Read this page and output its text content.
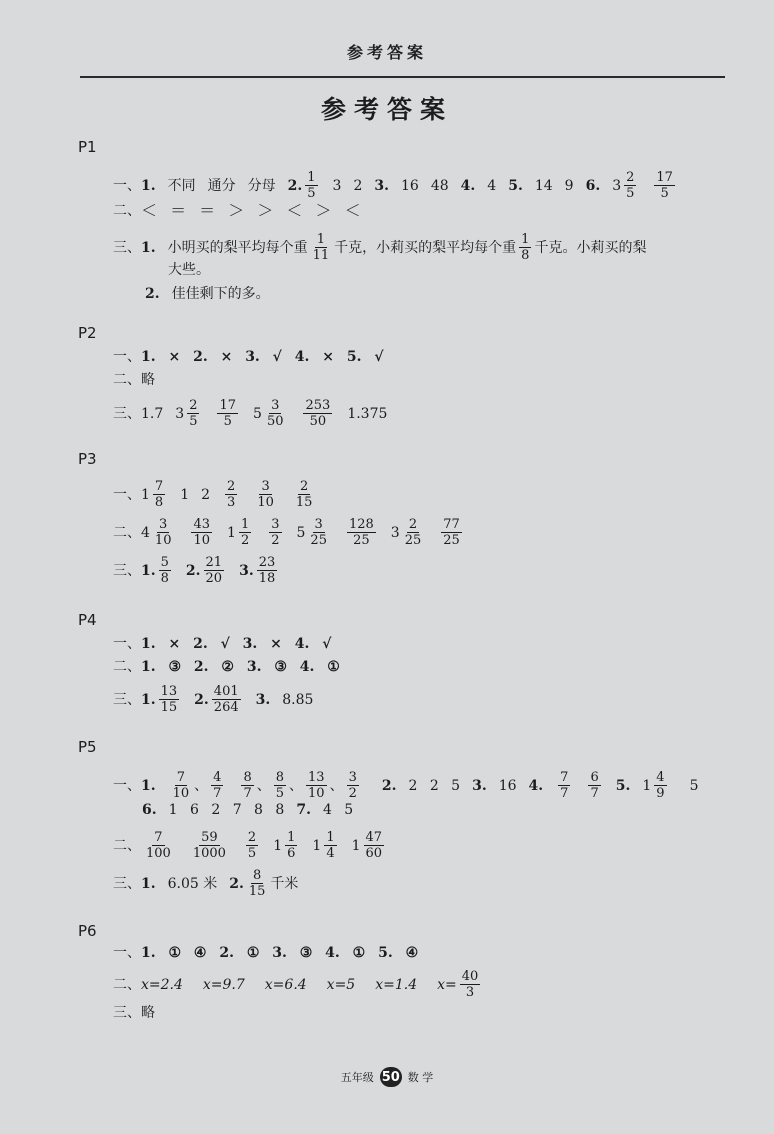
参考答案
参考答案
P1
一、 1. 不同 通分 分母 2. $\frac{1}{5} 3$ 2 3. 16 48 4. 4 5. 14 9 6. $3 \frac{2}{5} \frac{17}{5}$
二、 ＜ ＝ ＝ ＞ ＞ ＜ ＞ ＜
三、 1. 小明买的梨平均每个重 $\frac{1}{11}$ 千克，小莉买的梨平均每个重 $\frac{1}{8}$ 千克。小莉买的梨
大些。
2. 佳佳剩下的多。
P2
一、 1. × 2. × 3. √ 4. × 5. √
二、 略
三、 1.7 $3 \frac{2}{5} \frac{17}{5} 5 \frac{3}{50} \frac{253}{50} 1.375$
P3
一、 $1 \frac{7}{8} 1$ $2 \frac{2}{3} \frac{3}{10} \frac{2}{15}$
二、 $4 \frac{3}{10} \frac{43}{10} 1 \frac{1}{2} \frac{3}{2} 5 \frac{3}{25} \frac{128}{25} 3 \frac{2}{25} \frac{77}{25}$
三、 1. $\frac{5}{8} 2$. $\frac{21}{20} 3$. $\frac{23}{18}$
P4
一、 1. × 2. √ 3. × 4. √
二、 1. ③ 2. ② 3. ③ 4. ①
三、 1. $\frac{13}{15} 2$. $\frac{401}{264} 3$. 8.85
P5
一、 1. $\frac{7}{10}$ 、 $\frac{4}{7} \frac{8}{7}$ 、 $\frac{8}{5}$ 、 $\frac{13}{10}$ 、 $\frac{3}{2} 2$. 2 2 5 3. 16 4. $\frac{7}{7} \frac{6}{7} 5$. $1 \frac{4}{9} 5$
6. 1 6 2 7 8 8 7. 4 5
二、 $\frac{7}{100} \frac{59}{1000} \frac{2}{5} 1 \frac{1}{6} 1 \frac{1}{4} 1 \frac{47}{60}$
三、 1. 6.05 米 2. $\frac{8}{15}$ 千米
P6
一、 1. ① ④ 2. ① 3. ③ 4. ① 5. ④
二、 x=2.4 x=9.7 x=6.4 x=5 x=1.4 $x= \frac{40}{3}$
三、 略
五年级 50 数 学
